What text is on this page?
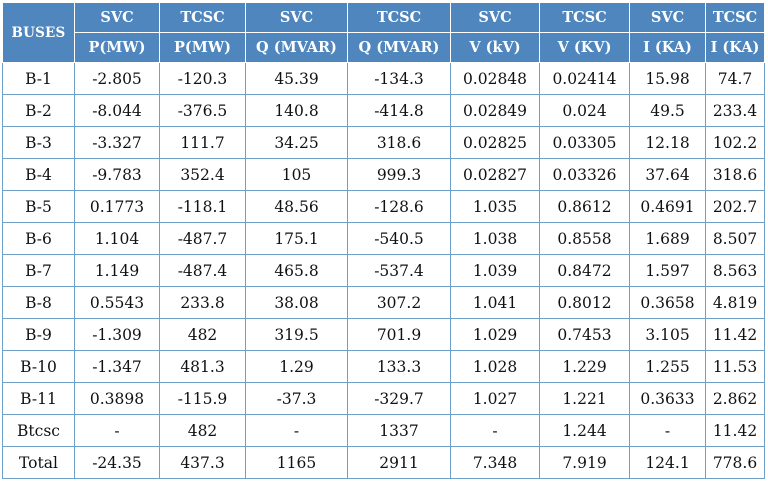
BUSES	SVC	TCSC	SVC	TCSC	SVC	TCSC	SVC	TCSC
	P(MW)	P(MW)	Q (MVAR)	Q (MVAR)	V (kV)	V (KV)	I (KA)	I (KA)
B-1	-2.805	-120.3	45.39	-134.3	0.02848	0.02414	15.98	74.7
B-2	-8.044	-376.5	140.8	-414.8	0.02849	0.024	49.5	233.4
B-3	-3.327	111.7	34.25	318.6	0.02825	0.03305	12.18	102.2
B-4	-9.783	352.4	105	999.3	0.02827	0.03326	37.64	318.6
B-5	0.1773	-118.1	48.56	-128.6	1.035	0.8612	0.4691	202.7
B-6	1.104	-487.7	175.1	-540.5	1.038	0.8558	1.689	8.507
B-7	1.149	-487.4	465.8	-537.4	1.039	0.8472	1.597	8.563
B-8	0.5543	233.8	38.08	307.2	1.041	0.8012	0.3658	4.819
B-9	-1.309	482	319.5	701.9	1.029	0.7453	3.105	11.42
B-10	-1.347	481.3	1.29	133.3	1.028	1.229	1.255	11.53
B-11	0.3898	-115.9	-37.3	-329.7	1.027	1.221	0.3633	2.862
Btcsc	-	482	-	1337	-	1.244	-	11.42
Total	-24.35	437.3	1165	2911	7.348	7.919	124.1	778.6
